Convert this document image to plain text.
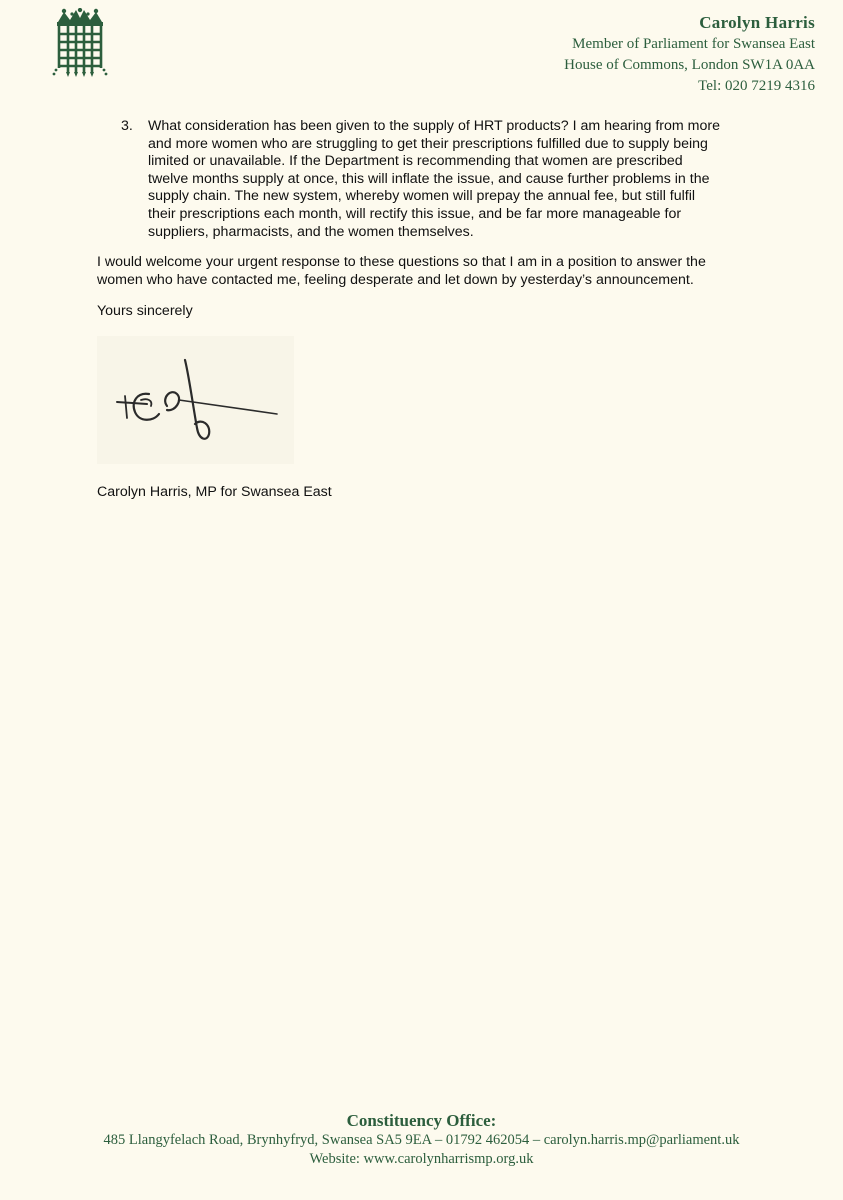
Carolyn Harris
Member of Parliament for Swansea East
House of Commons, London SW1A 0AA
Tel: 020 7219 4316
3. What consideration has been given to the supply of HRT products? I am hearing from more and more women who are struggling to get their prescriptions fulfilled due to supply being limited or unavailable. If the Department is recommending that women are prescribed twelve months supply at once, this will inflate the issue, and cause further problems in the supply chain. The new system, whereby women will prepay the annual fee, but still fulfil their prescriptions each month, will rectify this issue, and be far more manageable for suppliers, pharmacists, and the women themselves.
I would welcome your urgent response to these questions so that I am in a position to answer the women who have contacted me, feeling desperate and let down by yesterday’s announcement.
Yours sincerely
Carolyn Harris, MP for Swansea East
Constituency Office:
485 Llangyfelach Road, Brynhyfryd, Swansea SA5 9EA – 01792 462054 – carolyn.harris.mp@parliament.uk
Website: www.carolynharrismp.org.uk
